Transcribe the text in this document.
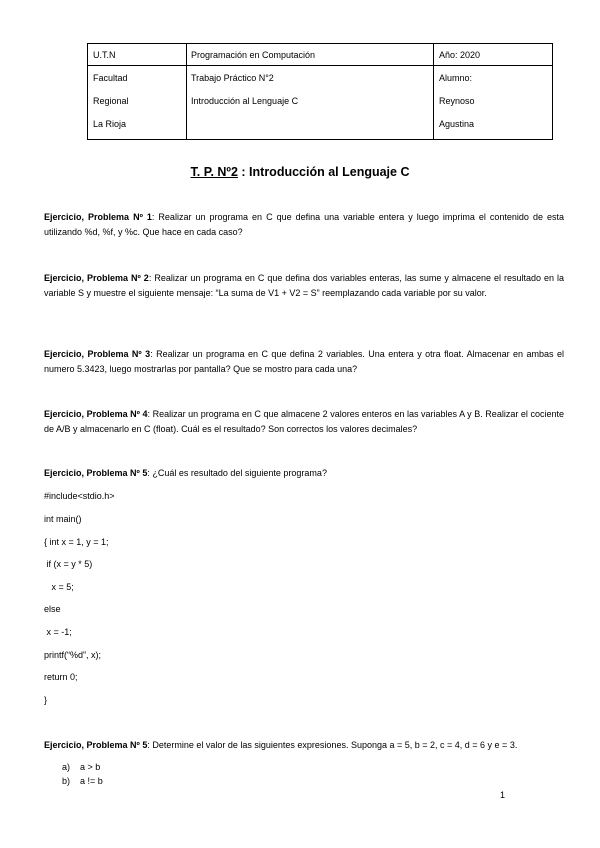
U.T.N
Facultad
Regional
La Rioja
Programación en Computación
Trabajo Práctico N°2
Introducción al Lenguaje C
Año: 2020
Alumno:
Reynoso
Agustina
T. P. Nº2 : Introducción al Lenguaje C
Ejercicio, Problema Nº 1: Realizar un programa en C que defina una variable entera y luego imprima el contenido de esta utilizando %d, %f, y %c. Que hace en cada caso?
Ejercicio, Problema Nº 2: Realizar un programa en C que defina dos variables enteras, las sume y almacene el resultado en la variable S y muestre el siguiente mensaje: “La suma de V1 + V2 = S” reemplazando cada variable por su valor.
Ejercicio, Problema Nº 3: Realizar un programa en C que defina 2 variables. Una entera y otra float. Almacenar en ambas el numero 5.3423, luego mostrarlas por pantalla? Que se mostro para cada una?
Ejercicio, Problema Nº 4: Realizar un programa en C que almacene 2 valores enteros en las variables A y B. Realizar el cociente de A/B y almacenarlo en C (float). Cuál es el resultado? Son correctos los valores decimales?
Ejercicio, Problema Nº 5: ¿Cuál es resultado del siguiente programa?
#include<stdio.h>
int main()
{ int x = 1, y = 1;
if (x = y * 5)
x = 5;
else
x = -1;
printf(“%d”, x);
return 0;
}
Ejercicio, Problema Nº 5: Determine el valor de las siguientes expresiones. Suponga a = 5, b = 2, c = 4, d = 6 y e = 3.
a) a > b
b) a != b
1
